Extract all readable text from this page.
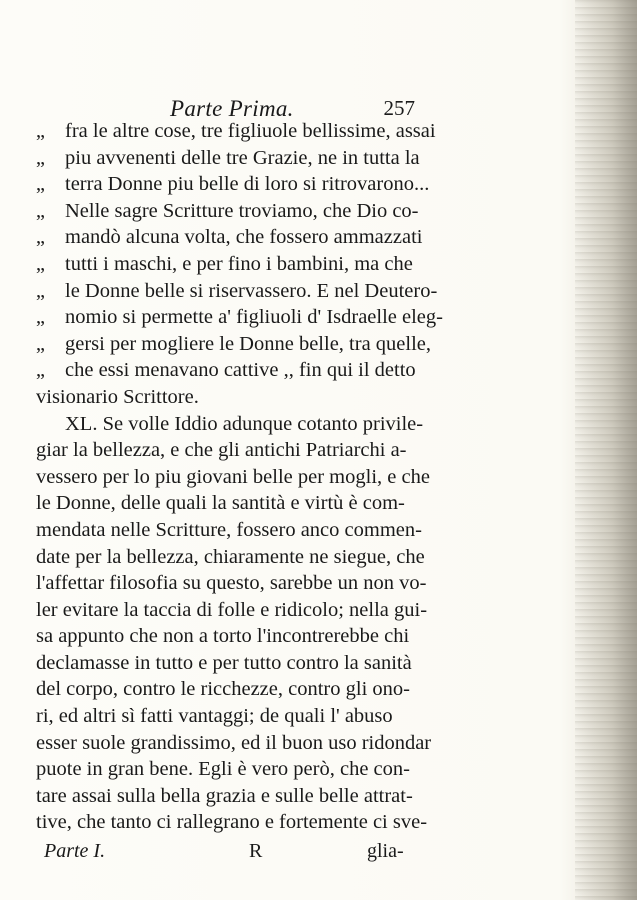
Parte Prima.	257
,, fra le altre cose, tre figliuole bellissime, assai
,, piu avvenenti delle tre Grazie, ne in tutta la
,, terra Donne piu belle di loro si ritrovarono...
,, Nelle sagre Scritture troviamo, che Dio co-
,, mandò alcuna volta, che fossero ammazzati
,, tutti i maschi, e per fino i bambini, ma che
,, le Donne belle si riservassero. E nel Deutero-
,, nomio si permette a' figliuoli d' Isdraelle eleg-
,, gersi per mogliere le Donne belle, tra quelle,
,, che essi menavano cattive ,, fin qui il detto
visionario Scrittore.
XL. Se volle Iddio adunque cotanto privile-
giar la bellezza, e che gli antichi Patriarchi a-
vessero per lo piu giovani belle per mogli, e che
le Donne, delle quali la santità e virtù è com-
mendata nelle Scritture, fossero anco commen-
date per la bellezza, chiaramente ne siegue, che
l'affettar filosofia su questo, sarebbe un non vo-
ler evitare la taccia di folle e ridicolo; nella gui-
sa appunto che non a torto l'incontrerebbe chi
declamasse in tutto e per tutto contro la sanità
del corpo, contro le ricchezze, contro gli ono-
ri, ed altri sì fatti vantaggi; de quali l' abuso
esser suole grandissimo, ed il buon uso ridondar
puote in gran bene. Egli è vero però, che con-
tare assai sulla bella grazia e sulle belle attrat-
tive, che tanto ci rallegrano e fortemente ci sve-
Parte I.	R	glia-
